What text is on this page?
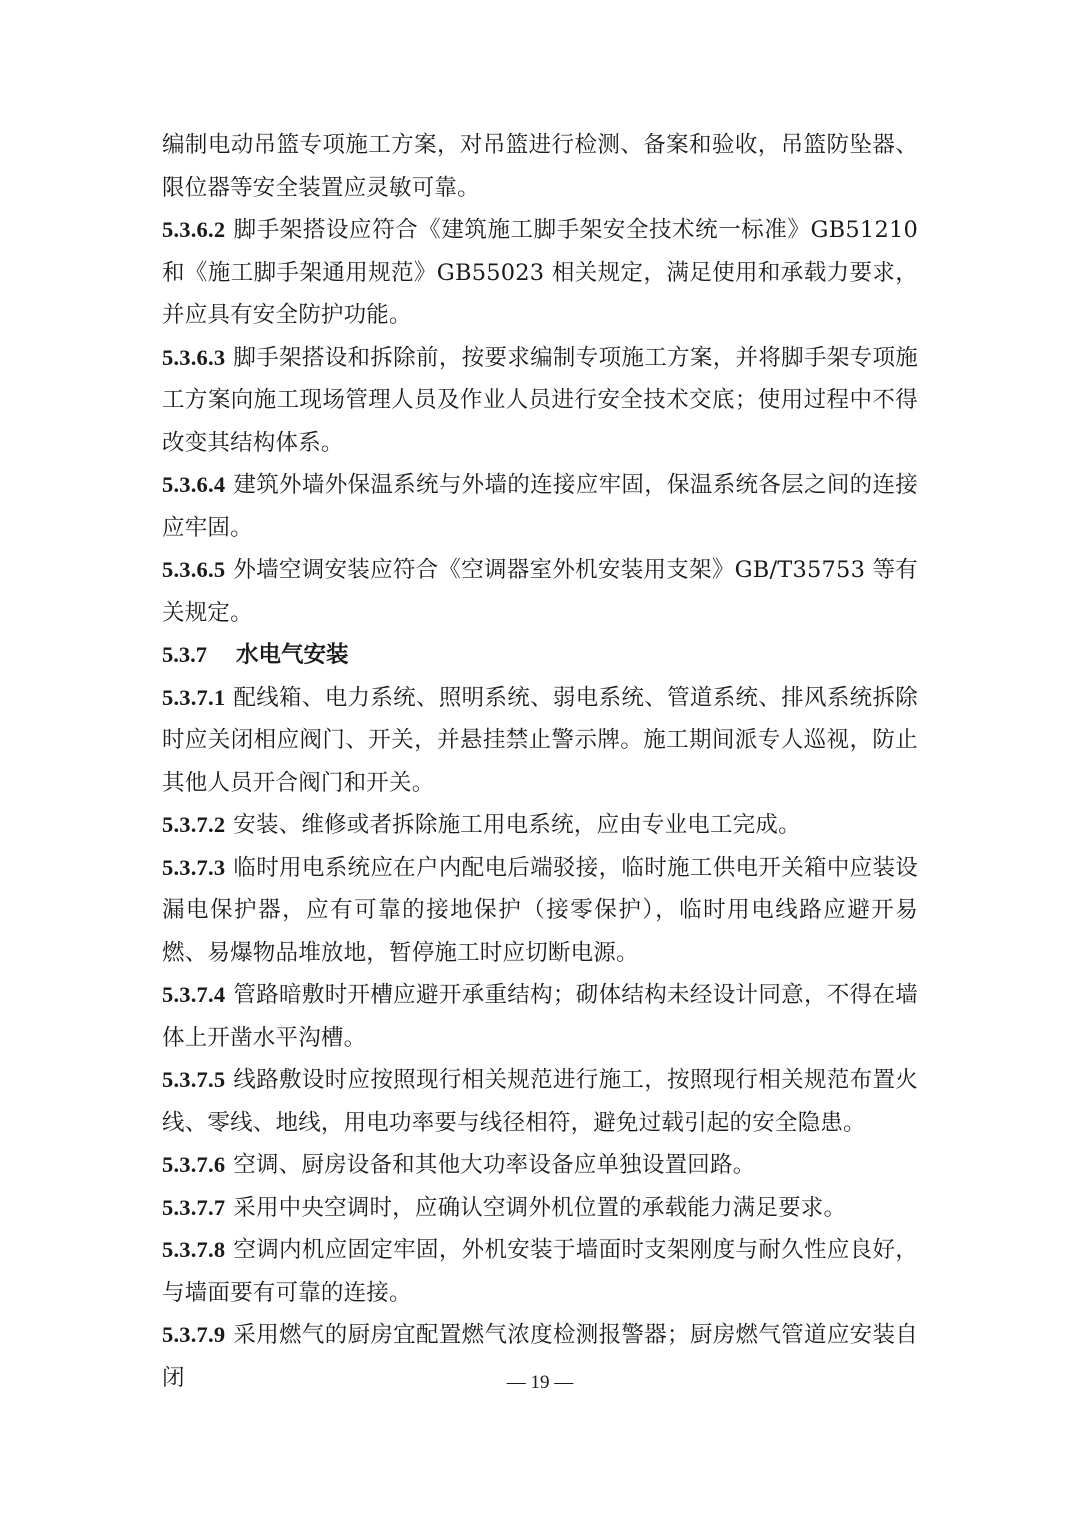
编制电动吊篮专项施工方案，对吊篮进行检测、备案和验收，吊篮防坠器、限位器等安全装置应灵敏可靠。

5.3.6.2 脚手架搭设应符合《建筑施工脚手架安全技术统一标准》GB51210 和《施工脚手架通用规范》GB55023 相关规定，满足使用和承载力要求，并应具有安全防护功能。

5.3.6.3 脚手架搭设和拆除前，按要求编制专项施工方案，并将脚手架专项施工方案向施工现场管理人员及作业人员进行安全技术交底；使用过程中不得改变其结构体系。

5.3.6.4 建筑外墙外保温系统与外墙的连接应牢固，保温系统各层之间的连接应牢固。

5.3.6.5 外墙空调安装应符合《空调器室外机安装用支架》GB/T35753 等有关规定。

5.3.7 水电气安装

5.3.7.1 配线箱、电力系统、照明系统、弱电系统、管道系统、排风系统拆除时应关闭相应阀门、开关，并悬挂禁止警示牌。施工期间派专人巡视，防止其他人员开合阀门和开关。

5.3.7.2 安装、维修或者拆除施工用电系统，应由专业电工完成。

5.3.7.3 临时用电系统应在户内配电后端驳接，临时施工供电开关箱中应装设漏电保护器，应有可靠的接地保护（接零保护），临时用电线路应避开易燃、易爆物品堆放地，暂停施工时应切断电源。

5.3.7.4 管路暗敷时开槽应避开承重结构；砌体结构未经设计同意，不得在墙体上开凿水平沟槽。

5.3.7.5 线路敷设时应按照现行相关规范进行施工，按照现行相关规范布置火线、零线、地线，用电功率要与线径相符，避免过载引起的安全隐患。

5.3.7.6 空调、厨房设备和其他大功率设备应单独设置回路。

5.3.7.7 采用中央空调时，应确认空调外机位置的承载能力满足要求。

5.3.7.8 空调内机应固定牢固，外机安装于墙面时支架刚度与耐久性应良好，与墙面要有可靠的连接。

5.3.7.9 采用燃气的厨房宜配置燃气浓度检测报警器；厨房燃气管道应安装自闭	— 19 —
